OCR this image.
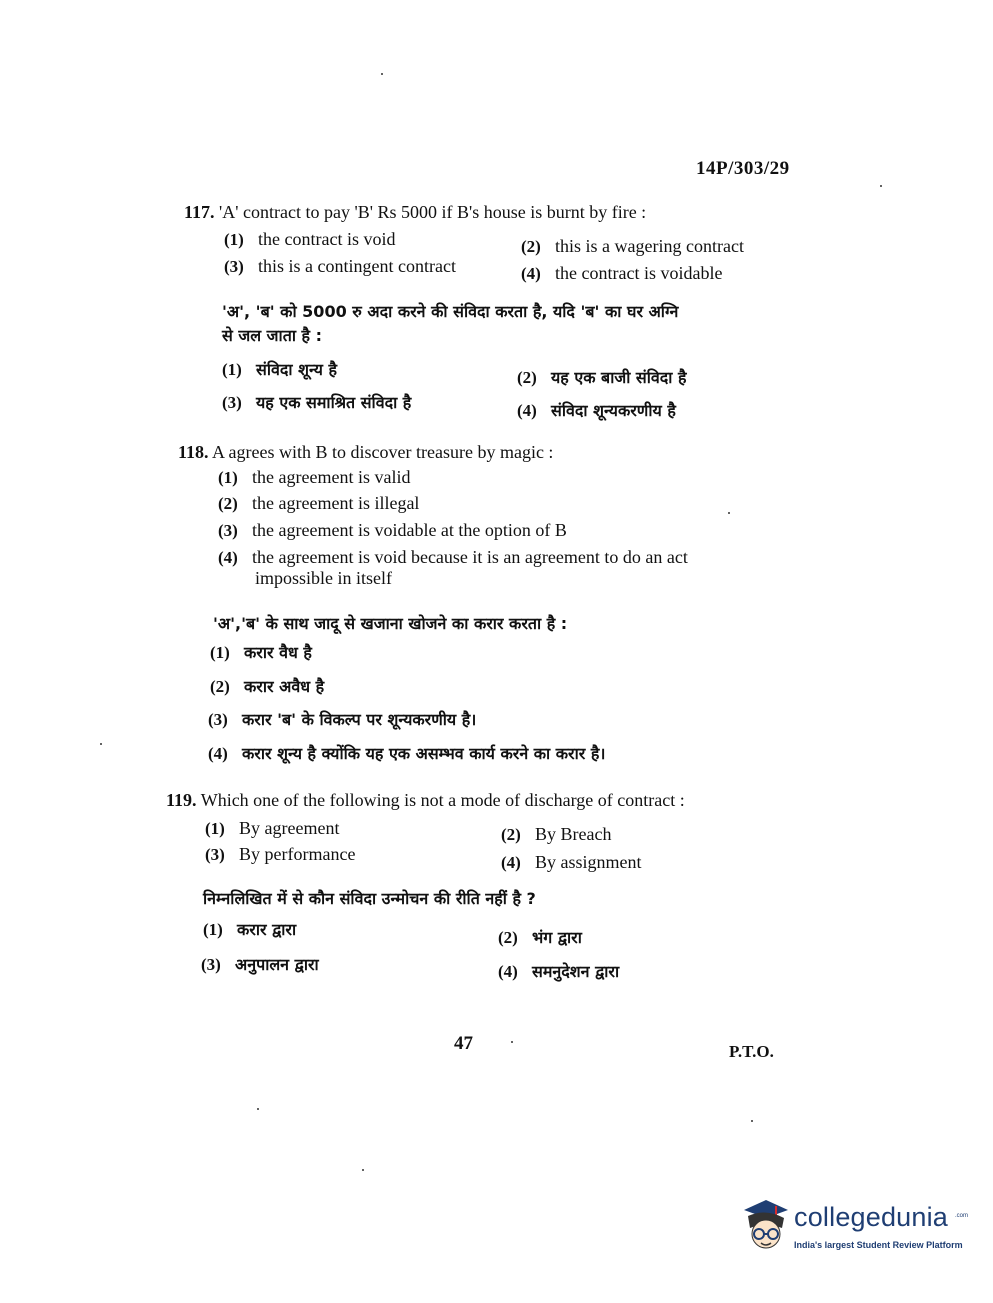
14P/303/29
117. 'A' contract to pay 'B' Rs 5000 if B's house is burnt by fire :
(1) the contract is void	(2) this is a wagering contract
(3) this is a contingent contract	(4) the contract is voidable
'अ', 'ब' को 5000 रु अदा करने की संविदा करता है, यदि 'ब' का घर अग्नि
से जल जाता है :
(1) संविदा शून्य है	(2) यह एक बाजी संविदा है
(3) यह एक समाश्रित संविदा है	(4) संविदा शून्यकरणीय है
118. A agrees with B to discover treasure by magic :
(1) the agreement is valid
(2) the agreement is illegal
(3) the agreement is voidable at the option of B
(4) the agreement is void because it is an agreement to do an act
impossible in itself
'अ','ब' के साथ जादू से खजाना खोजने का करार करता है :
(1) करार वैध है
(2) करार अवैध है
(3) करार 'ब' के विकल्प पर शून्यकरणीय है।
(4) करार शून्य है क्योंकि यह एक असम्भव कार्य करने का करार है।
119. Which one of the following is not a mode of discharge of contract :
(1) By agreement	(2) By Breach
(3) By performance	(4) By assignment
निम्नलिखित में से कौन संविदा उन्मोचन की रीति नहीं है ?
(1) करार द्वारा	(2) भंग द्वारा
(3) अनुपालन द्वारा	(4) समनुदेशन द्वारा
47	P.T.O.
collegedunia .com
India's largest Student Review Platform
